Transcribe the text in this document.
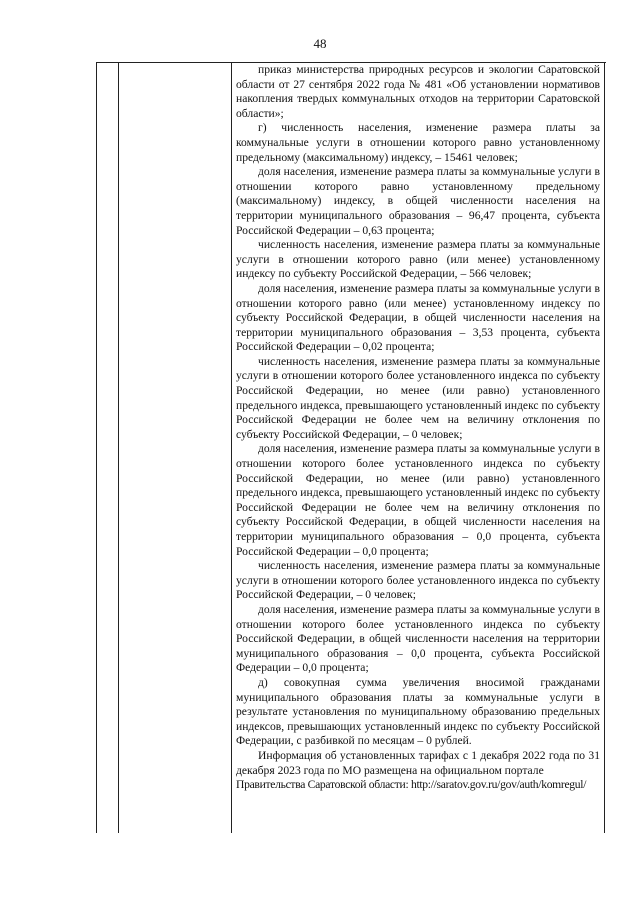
48

приказ министерства природных ресурсов и экологии Саратовской области от 27 сентября 2022 года № 481 «Об установлении нормативов накопления твердых коммунальных отходов на территории Саратовской области»;

г) численность населения, изменение размера платы за коммунальные услуги в отношении которого равно установленному предельному (максимальному) индексу, – 15461 человек;

доля населения, изменение размера платы за коммунальные услуги в отношении которого равно установленному предельному (максимальному) индексу, в общей численности населения на территории муниципального образования – 96,47 процента, субъекта Российской Федерации – 0,63 процента;

численность населения, изменение размера платы за коммунальные услуги в отношении которого равно (или менее) установленному индексу по субъекту Российской Федерации, – 566 человек;

доля населения, изменение размера платы за коммунальные услуги в отношении которого равно (или менее) установленному индексу по субъекту Российской Федерации, в общей численности населения на территории муниципального образования – 3,53 процента, субъекта Российской Федерации – 0,02 процента;

численность населения, изменение размера платы за коммунальные услуги в отношении которого более установленного индекса по субъекту Российской Федерации, но менее (или равно) установленного предельного индекса, превышающего установленный индекс по субъекту Российской Федерации не более чем на величину отклонения по субъекту Российской Федерации, – 0 человек;

доля населения, изменение размера платы за коммунальные услуги в отношении которого более установленного индекса по субъекту Российской Федерации, но менее (или равно) установленного предельного индекса, превышающего установленный индекс по субъекту Российской Федерации не более чем на величину отклонения по субъекту Российской Федерации, в общей численности населения на территории муниципального образования – 0,0 процента, субъекта Российской Федерации – 0,0 процента;

численность населения, изменение размера платы за коммунальные услуги в отношении которого более установленного индекса по субъекту Российской Федерации, – 0 человек;

доля населения, изменение размера платы за коммунальные услуги в отношении которого более установленного индекса по субъекту Российской Федерации, в общей численности населения на территории муниципального образования – 0,0 процента, субъекта Российской Федерации – 0,0 процента;

д) совокупная сумма увеличения вносимой гражданами муниципального образования платы за коммунальные услуги в результате установления по муниципальному образованию предельных индексов, превышающих установленный индекс по субъекту Российской Федерации, с разбивкой по месяцам – 0 рублей.

Информация об установленных тарифах с 1 декабря 2022 года по 31 декабря 2023 года по МО размещена на официальном портале

Правительства Саратовской области: http://saratov.gov.ru/gov/auth/komregul/
